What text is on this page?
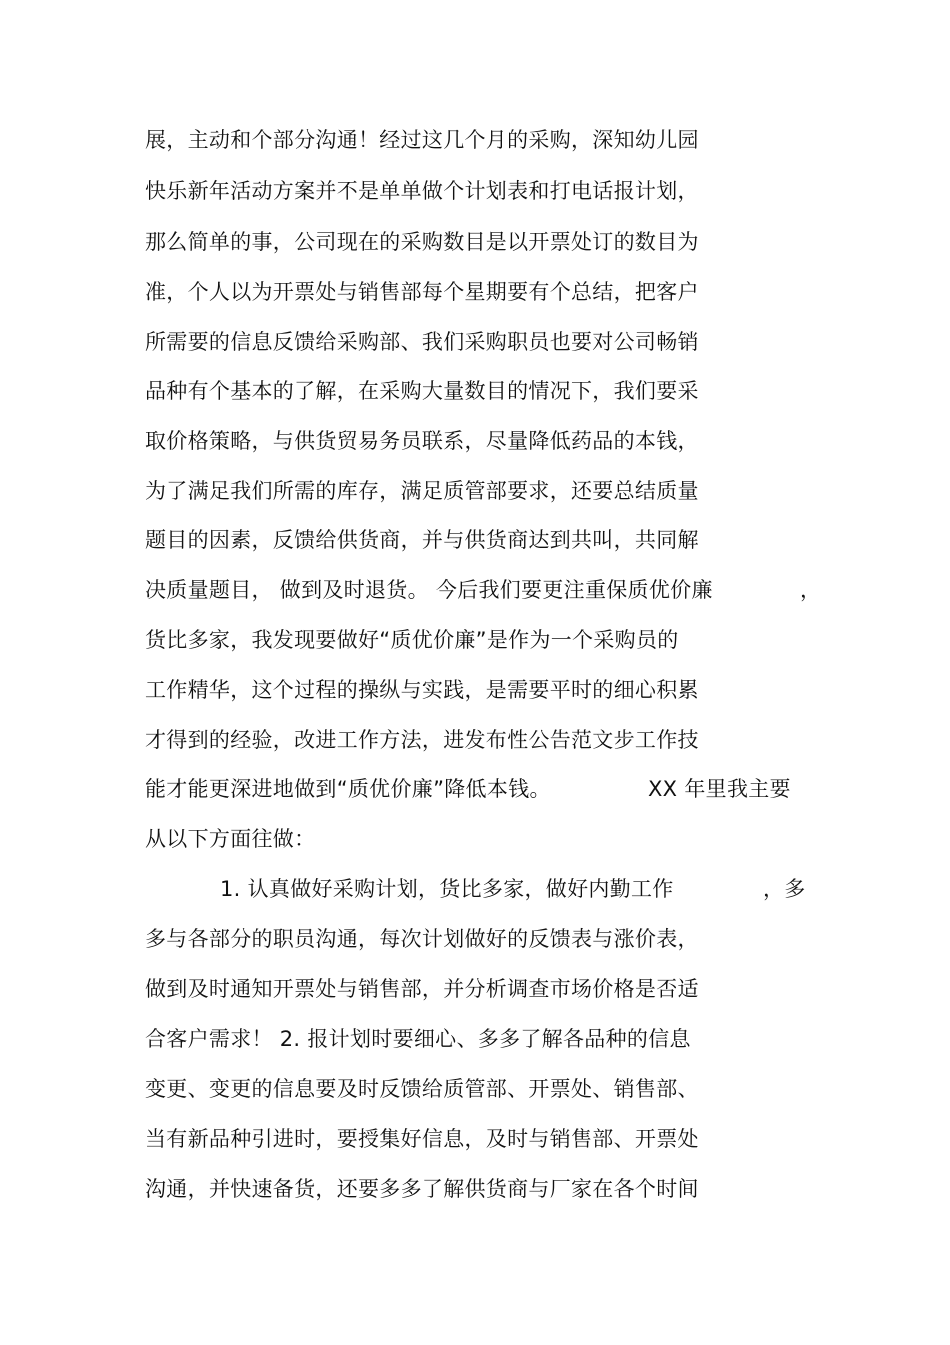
展，主动和个部分沟通！经过这几个月的采购，深知幼儿园
快乐新年活动方案并不是单单做个计划表和打电话报计划，
那么简单的事，公司现在的采购数目是以开票处订的数目为
准，个人以为开票处与销售部每个星期要有个总结，把客户
所需要的信息反馈给采购部、我们采购职员也要对公司畅销
品种有个基本的了解，在采购大量数目的情况下，我们要采
取价格策略，与供货贸易务员联系，尽量降低药品的本钱，
为了满足我们所需的库存，满足质管部要求，还要总结质量
题目的因素，反馈给供货商，并与供货商达到共叫，共同解
决质量题目， 做到及时退货。 今后我们要更注重保质优价廉	，
货比多家，我发现要做好“质优价廉”是作为一个采购员的
工作精华，这个过程的操纵与实践，是需要平时的细心积累
才得到的经验，改进工作方法，进发布性公告范文步工作技
能才能更深进地做到“质优价廉”降低本钱。	XX 年里我主要
从以下方面往做：
1. 认真做好采购计划，货比多家，做好内勤工作	，多
多与各部分的职员沟通，每次计划做好的反馈表与涨价表，
做到及时通知开票处与销售部，并分析调查市场价格是否适
合客户需求！ 2. 报计划时要细心、多多了解各品种的信息
变更、变更的信息要及时反馈给质管部、开票处、销售部、
当有新品种引进时，要授集好信息，及时与销售部、开票处
沟通，并快速备货，还要多多了解供货商与厂家在各个时间
